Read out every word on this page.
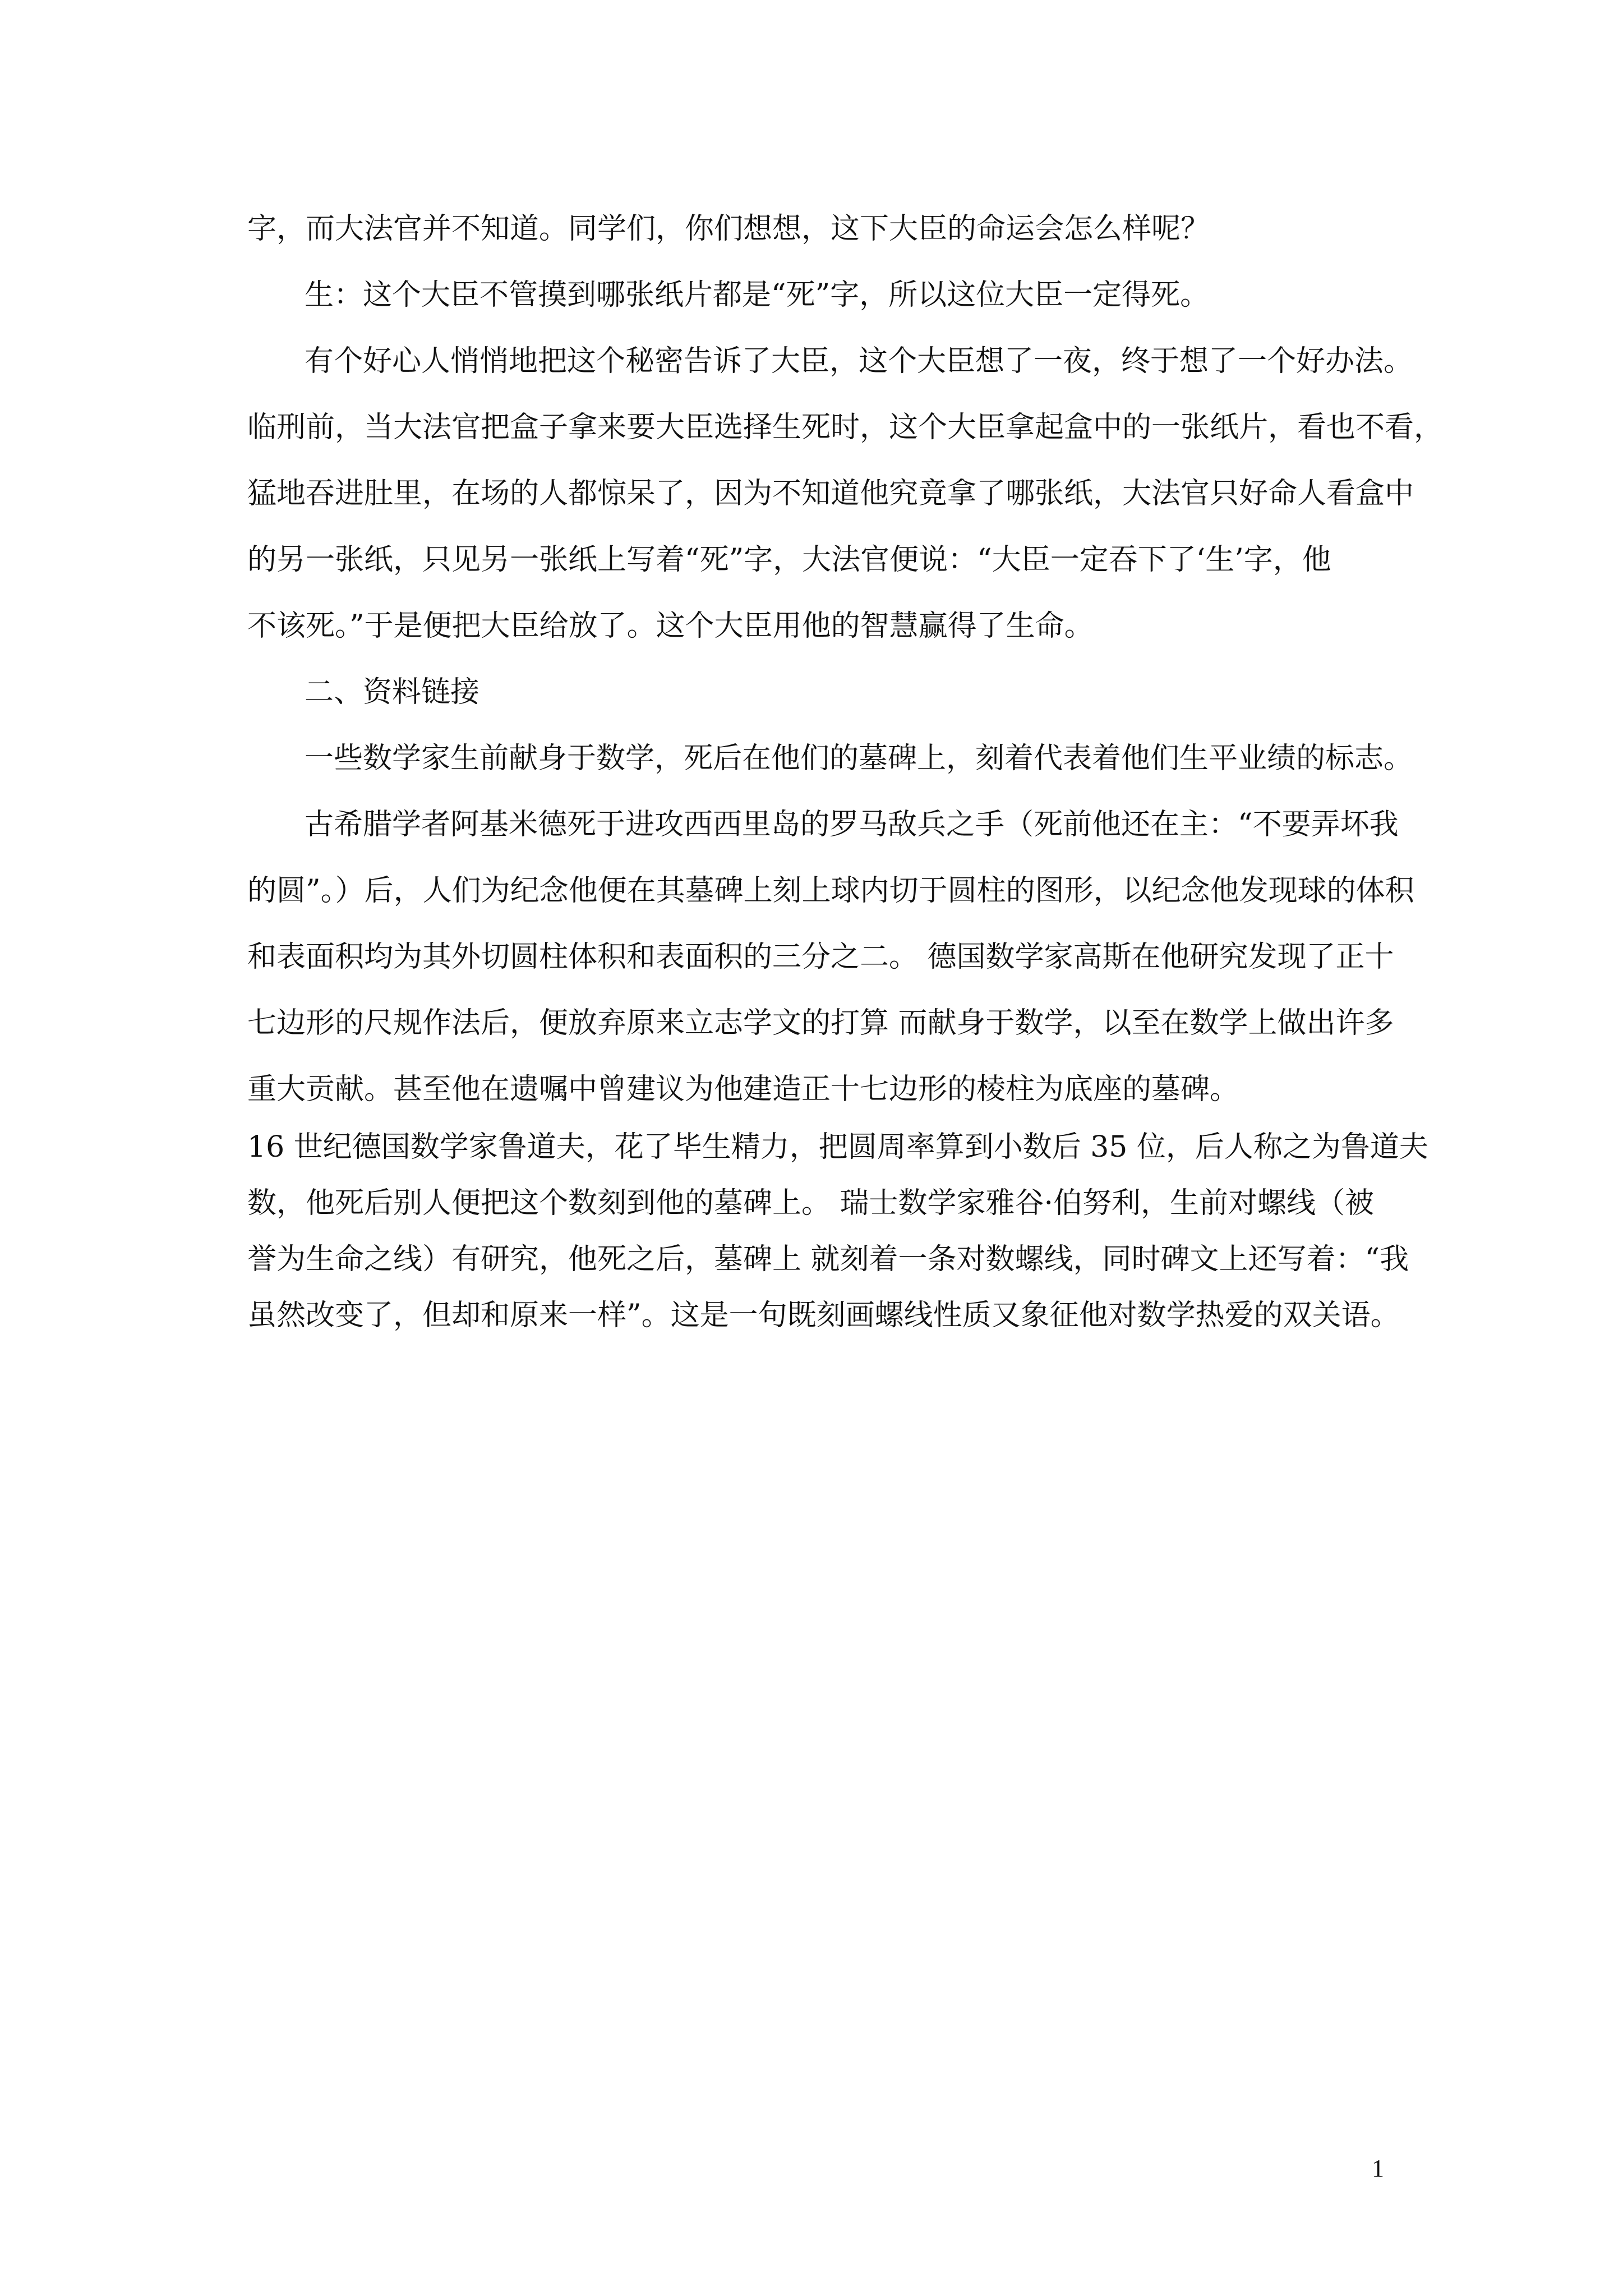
字，而大法官并不知道。同学们，你们想想，这下大臣的命运会怎么样呢？
生：这个大臣不管摸到哪张纸片都是“死”字，所以这位大臣一定得死。
有个好心人悄悄地把这个秘密告诉了大臣，这个大臣想了一夜，终于想了一个好办法。
临刑前，当大法官把盒子拿来要大臣选择生死时，这个大臣拿起盒中的一张纸片，看也不看，
猛地吞进肚里，在场的人都惊呆了，因为不知道他究竟拿了哪张纸，大法官只好命人看盒中
的另一张纸，只见另一张纸上写着“死”字，大法官便说：“大臣一定吞下了‘生’字，他
不该死。”于是便把大臣给放了。这个大臣用他的智慧赢得了生命。
二、资料链接
一些数学家生前献身于数学，死后在他们的墓碑上，刻着代表着他们生平业绩的标志。
古希腊学者阿基米德死于进攻西西里岛的罗马敌兵之手（死前他还在主：“不要弄坏我
的圆”。）后，人们为纪念他便在其墓碑上刻上球内切于圆柱的图形，以纪念他发现球的体积
和表面积均为其外切圆柱体积和表面积的三分之二。 德国数学家高斯在他研究发现了正十
七边形的尺规作法后，便放弃原来立志学文的打算 而献身于数学，以至在数学上做出许多
重大贡献。甚至他在遗嘱中曾建议为他建造正十七边形的棱柱为底座的墓碑。
16 世纪德国数学家鲁道夫，花了毕生精力，把圆周率算到小数后 35 位，后人称之为鲁道夫
数，他死后别人便把这个数刻到他的墓碑上。 瑞士数学家雅谷·伯努利，生前对螺线（被
誉为生命之线）有研究，他死之后，墓碑上 就刻着一条对数螺线，同时碑文上还写着：“我
虽然改变了，但却和原来一样”。这是一句既刻画螺线性质又象征他对数学热爱的双关语。
1
